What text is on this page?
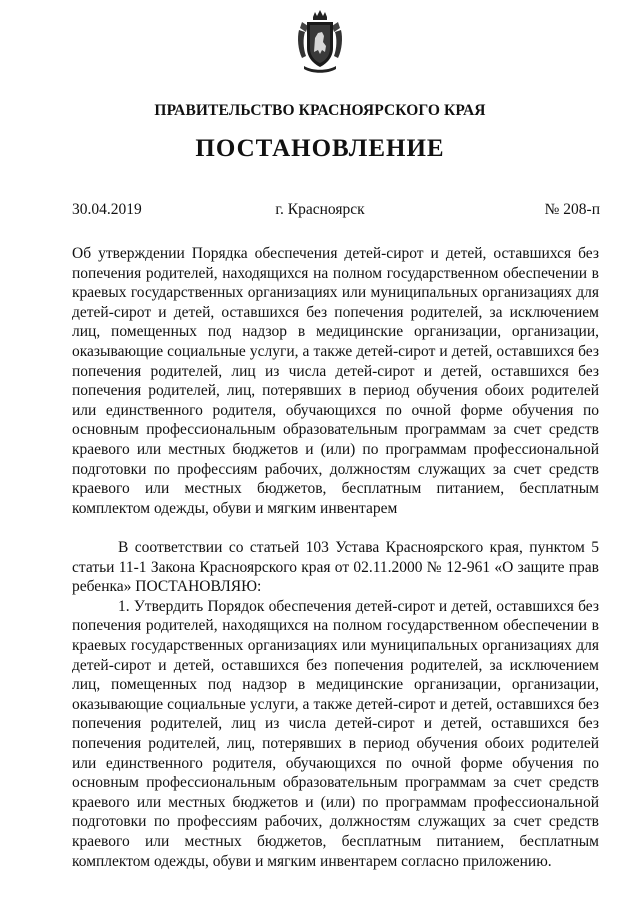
ПРАВИТЕЛЬСТВО КРАСНОЯРСКОГО КРАЯ
ПОСТАНОВЛЕНИЕ
30.04.2019	г. Красноярск	№ 208-п
Об утверждении Порядка обеспечения детей-сирот и детей, оставшихся без попечения родителей, находящихся на полном государственном обеспечении в краевых государственных организациях или муниципальных организациях для детей-сирот и детей, оставшихся без попечения родителей, за исключением лиц, помещенных под надзор в медицинские организации, организации, оказывающие социальные услуги, а также детей-сирот и детей, оставшихся без попечения родителей, лиц из числа детей-сирот и детей, оставшихся без попечения родителей, лиц, потерявших в период обучения обоих родителей или единственного родителя, обучающихся по очной форме обучения по основным профессиональным образовательным программам за счет средств краевого или местных бюджетов и (или) по программам профессиональной подготовки по профессиям рабочих, должностям служащих за счет средств краевого или местных бюджетов, бесплатным питанием, бесплатным комплектом одежды, обуви и мягким инвентарем

В соответствии со статьей 103 Устава Красноярского края, пунктом 5 статьи 11-1 Закона Красноярского края от 02.11.2000 № 12-961 «О защите прав ребенка» ПОСТАНОВЛЯЮ:

1. Утвердить Порядок обеспечения детей-сирот и детей, оставшихся без попечения родителей, находящихся на полном государственном обеспечении в краевых государственных организациях или муниципальных организациях для детей-сирот и детей, оставшихся без попечения родителей, за исключением лиц, помещенных под надзор в медицинские организации, организации, оказывающие социальные услуги, а также детей-сирот и детей, оставшихся без попечения родителей, лиц из числа детей-сирот и детей, оставшихся без попечения родителей, лиц, потерявших в период обучения обоих родителей или единственного родителя, обучающихся по очной форме обучения по основным профессиональным образовательным программам за счет средств краевого или местных бюджетов и (или) по программам профессиональной подготовки по профессиям рабочих, должностям служащих за счет средств краевого или местных бюджетов, бесплатным питанием, бесплатным комплектом одежды, обуви и мягким инвентарем согласно приложению.
